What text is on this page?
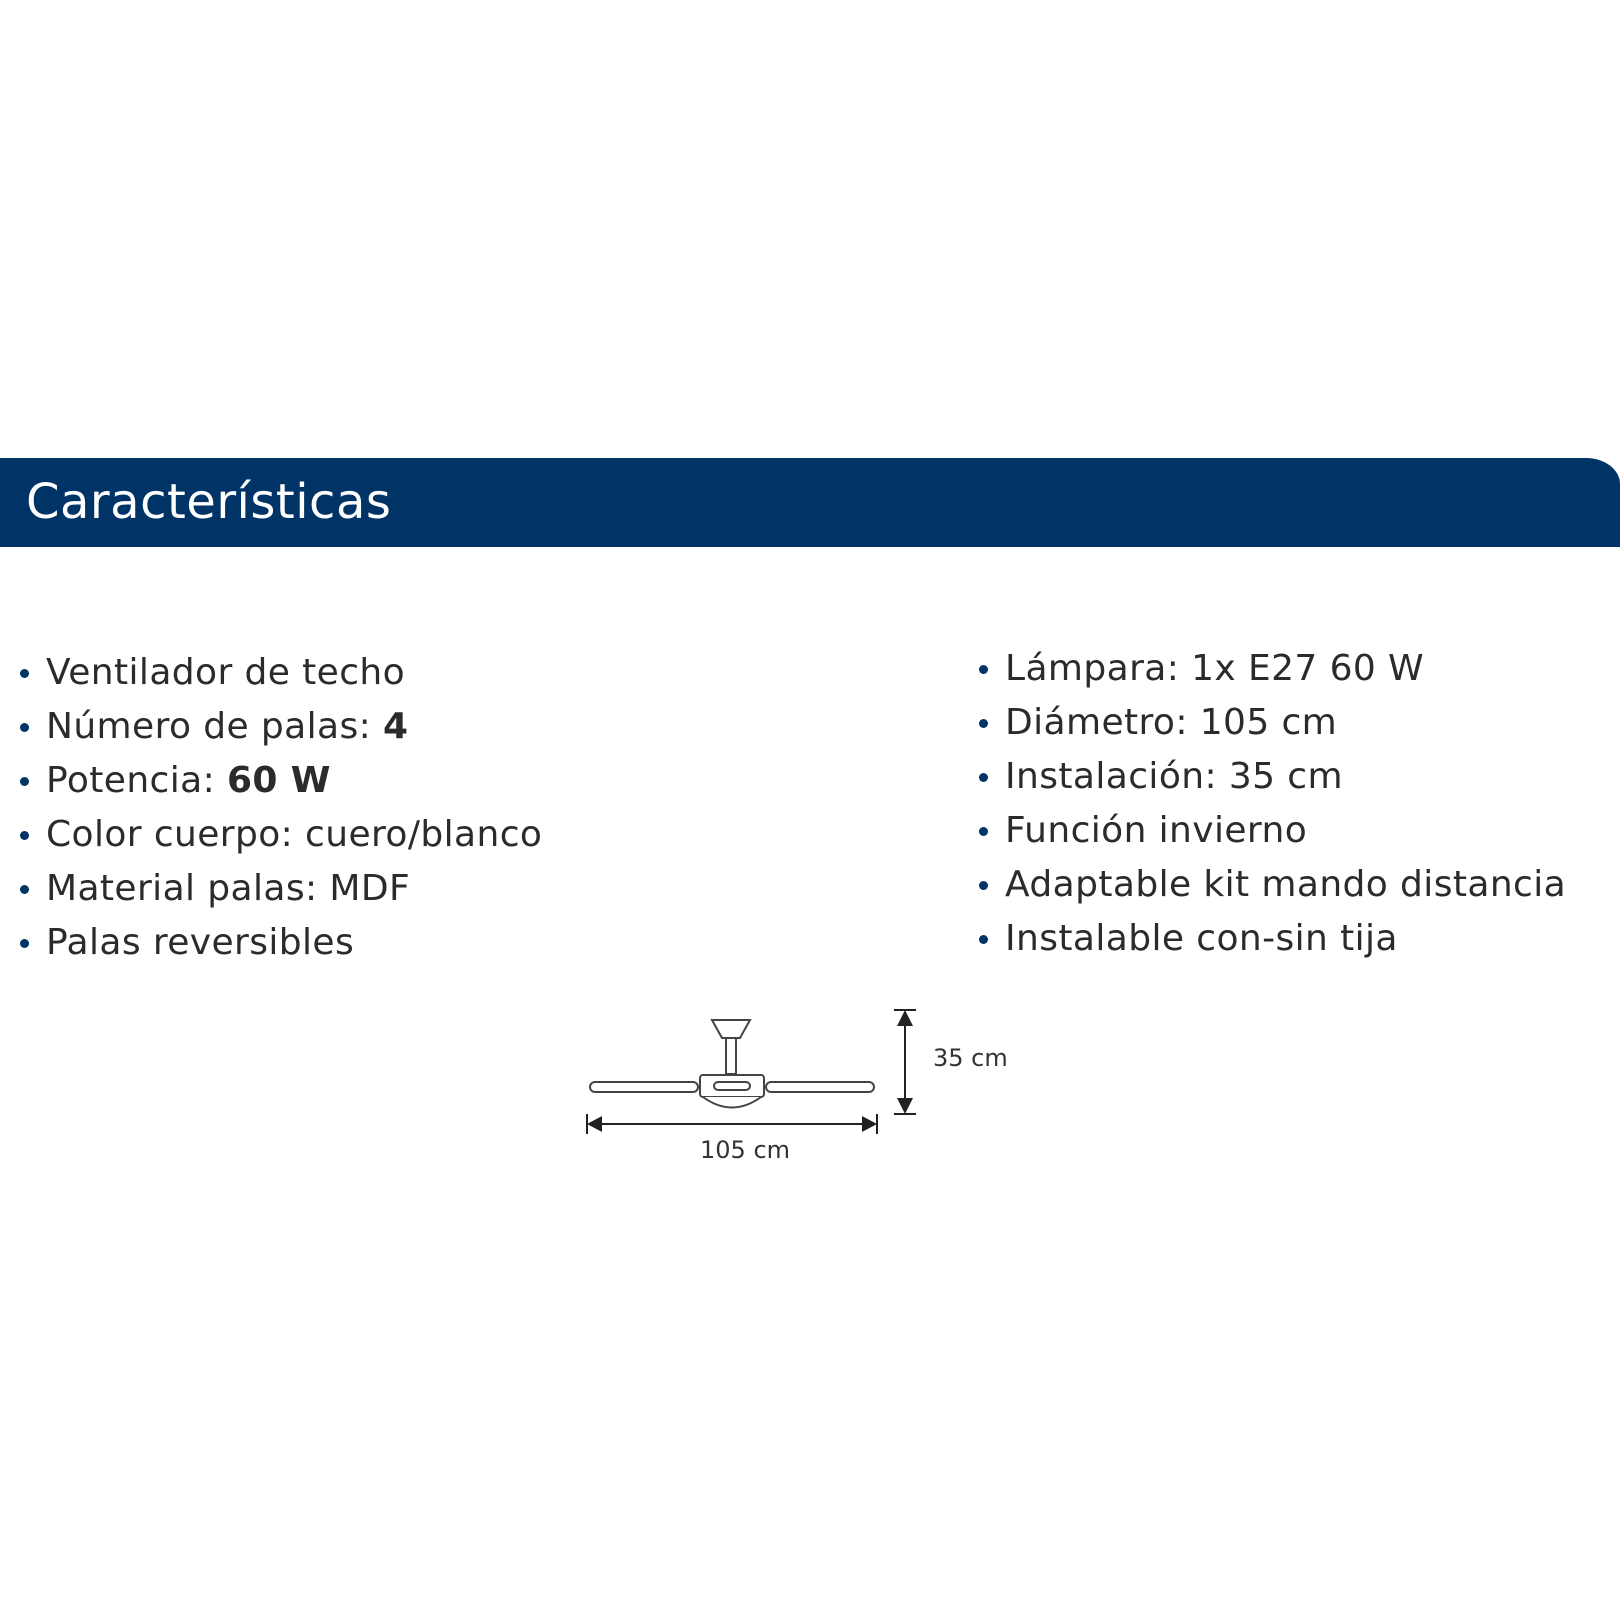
Características
Ventilador de techo
Número de palas: 4
Potencia: 60 W
Color cuerpo: cuero/blanco
Material palas: MDF
Palas reversibles
Lámpara: 1x E27 60 W
Diámetro: 105 cm
Instalación: 35 cm
Función invierno
Adaptable kit mando distancia
Instalable con-sin tija
105 cm
35 cm
